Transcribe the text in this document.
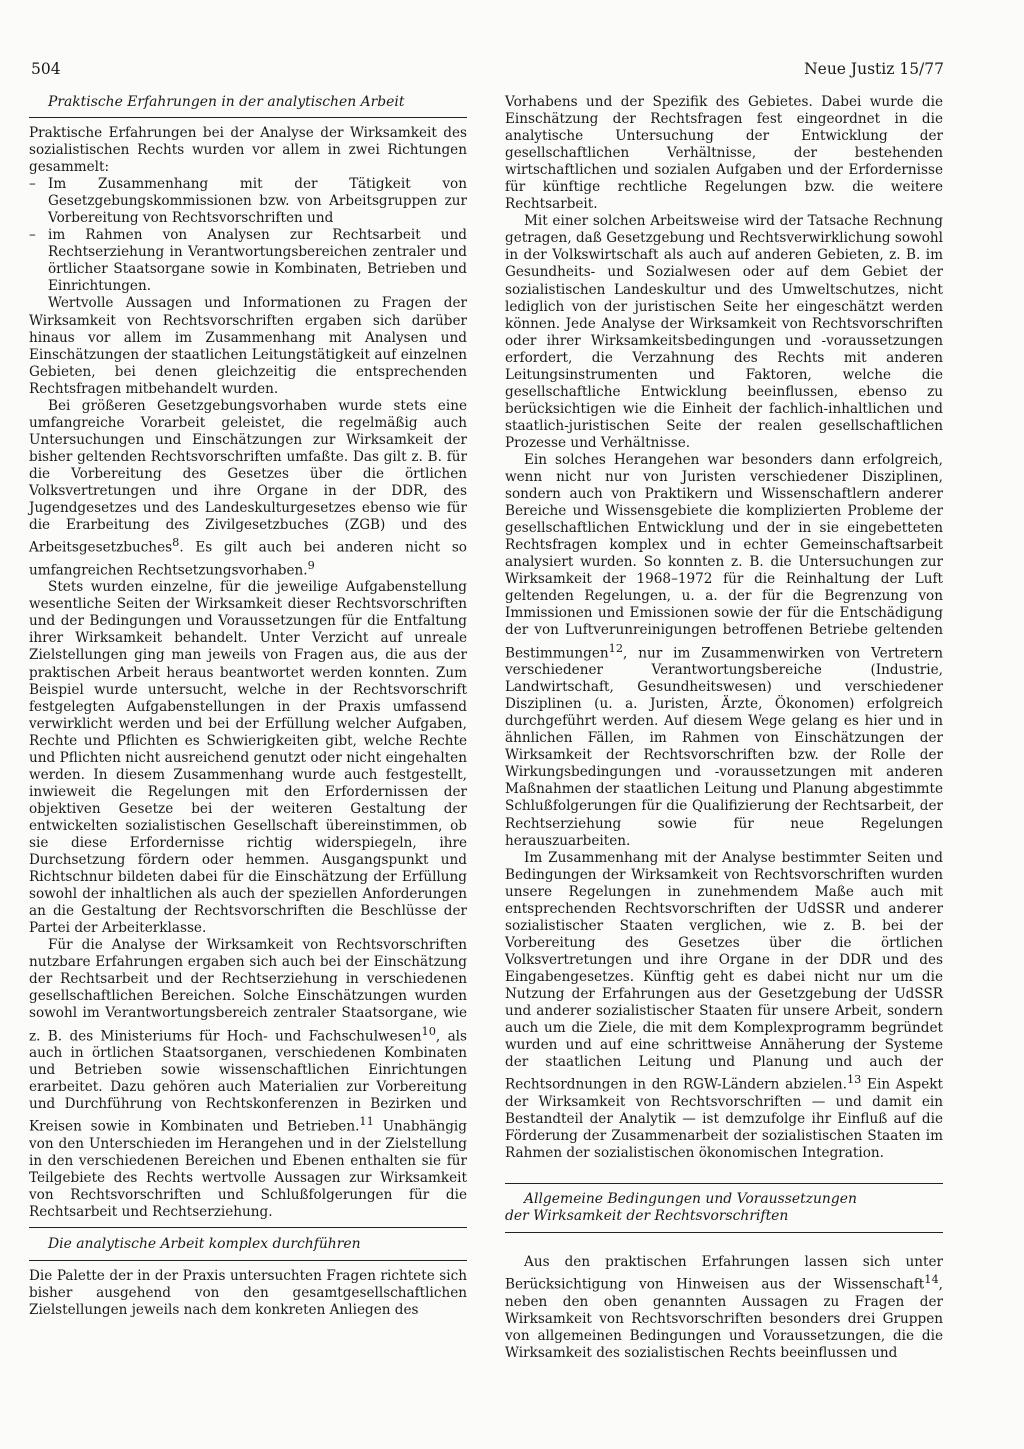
504	Neue Justiz 15/77

Praktische Erfahrungen in der analytischen Arbeit

Praktische Erfahrungen bei der Analyse der Wirksamkeit des sozialistischen Rechts wurden vor allem in zwei Richtungen gesammelt:

– Im Zusammenhang mit der Tätigkeit von Gesetzgebungskommissionen bzw. von Arbeitsgruppen zur Vorbereitung von Rechtsvorschriften und
– im Rahmen von Analysen zur Rechtsarbeit und Rechtserziehung in Verantwortungsbereichen zentraler und örtlicher Staatsorgane sowie in Kombinaten, Betrieben und Einrichtungen.

Wertvolle Aussagen und Informationen zu Fragen der Wirksamkeit von Rechtsvorschriften ergaben sich darüber hinaus vor allem im Zusammenhang mit Analysen und Einschätzungen der staatlichen Leitungstätigkeit auf einzelnen Gebieten, bei denen gleichzeitig die entsprechenden Rechtsfragen mitbehandelt wurden.

Bei größeren Gesetzgebungsvorhaben wurde stets eine umfangreiche Vorarbeit geleistet, die regelmäßig auch Untersuchungen und Einschätzungen zur Wirksamkeit der bisher geltenden Rechtsvorschriften umfaßte. Das gilt z. B. für die Vorbereitung des Gesetzes über die örtlichen Volksvertretungen und ihre Organe in der DDR, des Jugendgesetzes und des Landeskulturgesetzes ebenso wie für die Erarbeitung des Zivilgesetzbuches (ZGB) und des Arbeitsgesetzbuches$^8$. Es gilt auch bei anderen nicht so umfangreichen Rechtsetzungsvorhaben.$^9$

Stets wurden einzelne, für die jeweilige Aufgabenstellung wesentliche Seiten der Wirksamkeit dieser Rechtsvorschriften und der Bedingungen und Voraussetzungen für die Entfaltung ihrer Wirksamkeit behandelt. Unter Verzicht auf unreale Zielstellungen ging man jeweils von Fragen aus, die aus der praktischen Arbeit heraus beantwortet werden konnten. Zum Beispiel wurde untersucht, welche in der Rechtsvorschrift festgelegten Aufgabenstellungen in der Praxis umfassend verwirklicht werden und bei der Erfüllung welcher Aufgaben, Rechte und Pflichten es Schwierigkeiten gibt, welche Rechte und Pflichten nicht ausreichend genutzt oder nicht eingehalten werden. In diesem Zusammenhang wurde auch festgestellt, inwieweit die Regelungen mit den Erfordernissen der objektiven Gesetze bei der weiteren Gestaltung der entwickelten sozialistischen Gesellschaft übereinstimmen, ob sie diese Erfordernisse richtig widerspiegeln, ihre Durchsetzung fördern oder hemmen. Ausgangspunkt und Richtschnur bildeten dabei für die Einschätzung der Erfüllung sowohl der inhaltlichen als auch der speziellen Anforderungen an die Gestaltung der Rechtsvorschriften die Beschlüsse der Partei der Arbeiterklasse.

Für die Analyse der Wirksamkeit von Rechtsvorschriften nutzbare Erfahrungen ergaben sich auch bei der Einschätzung der Rechtsarbeit und der Rechtserziehung in verschiedenen gesellschaftlichen Bereichen. Solche Einschätzungen wurden sowohl im Verantwortungsbereich zentraler Staatsorgane, wie z. B. des Ministeriums für Hoch- und Fachschulwesen$^{10}$, als auch in örtlichen Staatsorganen, verschiedenen Kombinaten und Betrieben sowie wissenschaftlichen Einrichtungen erarbeitet. Dazu gehören auch Materialien zur Vorbereitung und Durchführung von Rechtskonferenzen in Bezirken und Kreisen sowie in Kombinaten und Betrieben.$^{11}$ Unabhängig von den Unterschieden im Herangehen und in der Zielstellung in den verschiedenen Bereichen und Ebenen enthalten sie für Teilgebiete des Rechts wertvolle Aussagen zur Wirksamkeit von Rechtsvorschriften und Schlußfolgerungen für die Rechtsarbeit und Rechtserziehung.

Die analytische Arbeit komplex durchführen

Die Palette der in der Praxis untersuchten Fragen richtete sich bisher ausgehend von den gesamtgesellschaftlichen Zielstellungen jeweils nach dem konkreten Anliegen des

Vorhabens und der Spezifik des Gebietes. Dabei wurde die Einschätzung der Rechtsfragen fest eingeordnet in die analytische Untersuchung der Entwicklung der gesellschaftlichen Verhältnisse, der bestehenden wirtschaftlichen und sozialen Aufgaben und der Erfordernisse für künftige rechtliche Regelungen bzw. die weitere Rechtsarbeit.

Mit einer solchen Arbeitsweise wird der Tatsache Rechnung getragen, daß Gesetzgebung und Rechtsverwirklichung sowohl in der Volkswirtschaft als auch auf anderen Gebieten, z. B. im Gesundheits- und Sozialwesen oder auf dem Gebiet der sozialistischen Landeskultur und des Umweltschutzes, nicht lediglich von der juristischen Seite her eingeschätzt werden können. Jede Analyse der Wirksamkeit von Rechtsvorschriften oder ihrer Wirksamkeitsbedingungen und -voraussetzungen erfordert, die Verzahnung des Rechts mit anderen Leitungsinstrumenten und Faktoren, welche die gesellschaftliche Entwicklung beeinflussen, ebenso zu berücksichtigen wie die Einheit der fachlich-inhaltlichen und staatlich-juristischen Seite der realen gesellschaftlichen Prozesse und Verhältnisse.

Ein solches Herangehen war besonders dann erfolgreich, wenn nicht nur von Juristen verschiedener Disziplinen, sondern auch von Praktikern und Wissenschaftlern anderer Bereiche und Wissensgebiete die komplizierten Probleme der gesellschaftlichen Entwicklung und der in sie eingebetteten Rechtsfragen komplex und in echter Gemeinschaftsarbeit analysiert wurden. So konnten z. B. die Untersuchungen zur Wirksamkeit der 1968–1972 für die Reinhaltung der Luft geltenden Regelungen, u. a. der für die Begrenzung von Immissionen und Emissionen sowie der für die Entschädigung der von Luftverunreinigungen betroffenen Betriebe geltenden Bestimmungen$^{12}$, nur im Zusammenwirken von Vertretern verschiedener Verantwortungsbereiche (Industrie, Landwirtschaft, Gesundheitswesen) und verschiedener Disziplinen (u. a. Juristen, Ärzte, Ökonomen) erfolgreich durchgeführt werden. Auf diesem Wege gelang es hier und in ähnlichen Fällen, im Rahmen von Einschätzungen der Wirksamkeit der Rechtsvorschriften bzw. der Rolle der Wirkungsbedingungen und -voraussetzungen mit anderen Maßnahmen der staatlichen Leitung und Planung abgestimmte Schlußfolgerungen für die Qualifizierung der Rechtsarbeit, der Rechtserziehung sowie für neue Regelungen herauszuarbeiten.

Im Zusammenhang mit der Analyse bestimmter Seiten und Bedingungen der Wirksamkeit von Rechtsvorschriften wurden unsere Regelungen in zunehmendem Maße auch mit entsprechenden Rechtsvorschriften der UdSSR und anderer sozialistischer Staaten verglichen, wie z. B. bei der Vorbereitung des Gesetzes über die örtlichen Volksvertretungen und ihre Organe in der DDR und des Eingabengesetzes. Künftig geht es dabei nicht nur um die Nutzung der Erfahrungen aus der Gesetzgebung der UdSSR und anderer sozialistischer Staaten für unsere Arbeit, sondern auch um die Ziele, die mit dem Komplexprogramm begründet wurden und auf eine schrittweise Annäherung der Systeme der staatlichen Leitung und Planung und auch der Rechtsordnungen in den RGW-Ländern abzielen.$^{13}$ Ein Aspekt der Wirksamkeit von Rechtsvorschriften — und damit ein Bestandteil der Analytik — ist demzufolge ihr Einfluß auf die Förderung der Zusammenarbeit der sozialistischen Staaten im Rahmen der sozialistischen ökonomischen Integration.

Allgemeine Bedingungen und Voraussetzungen
der Wirksamkeit der Rechtsvorschriften

Aus den praktischen Erfahrungen lassen sich unter Berücksichtigung von Hinweisen aus der Wissenschaft$^{14}$, neben den oben genannten Aussagen zu Fragen der Wirksamkeit von Rechtsvorschriften besonders drei Gruppen von allgemeinen Bedingungen und Voraussetzungen, die die Wirksamkeit des sozialistischen Rechts beeinflussen und
